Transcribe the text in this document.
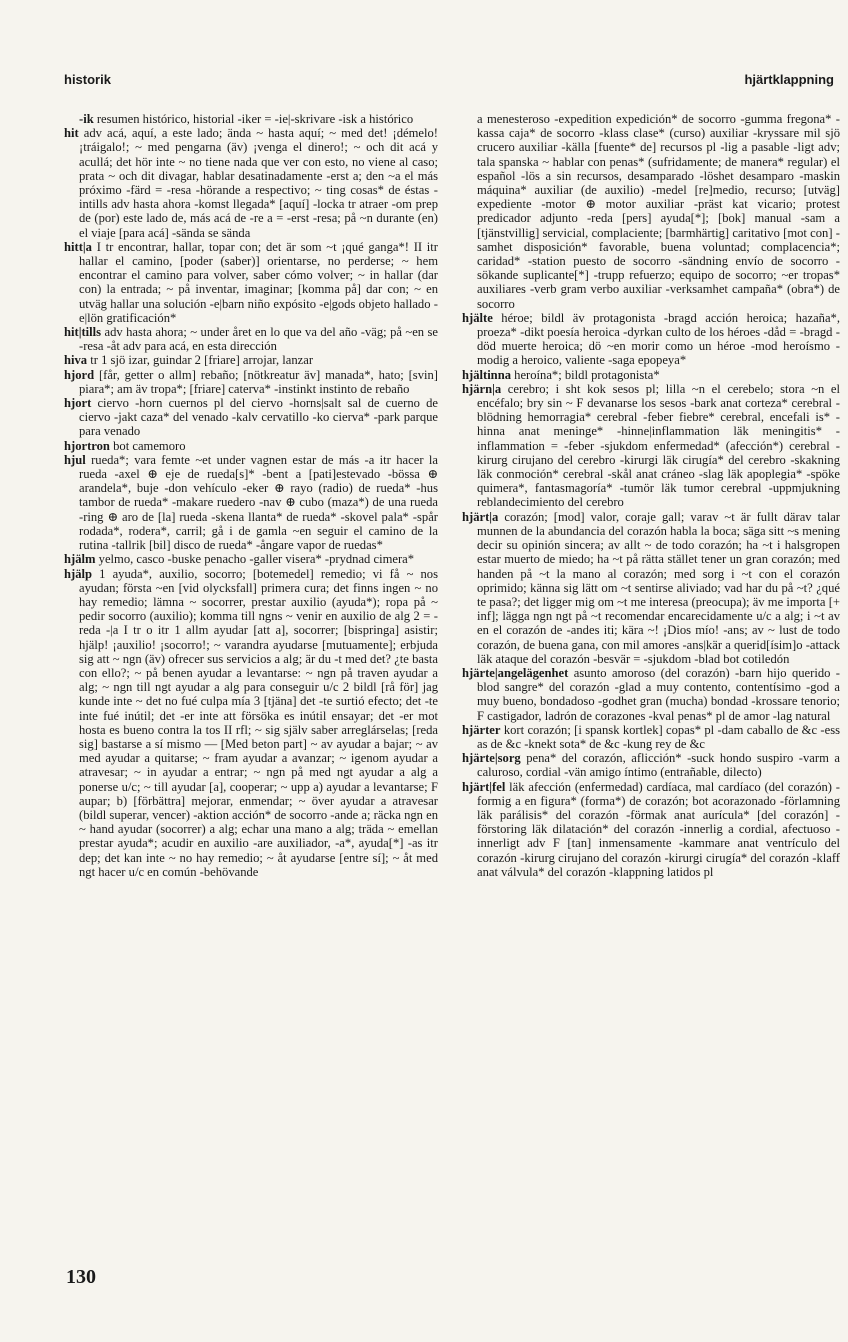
historik	hjärtklappning

-ik resumen histórico, historial -iker = -ie|-skrivare -isk a histórico

hit adv acá, aquí, a este lado; ända ~ hasta aquí; ~ med det! ¡démelo! ¡tráigalo!; ~ med pengarna (äv) ¡venga el dinero!; ~ och dit acá y acullá; det hör inte ~ no tiene nada que ver con esto, no viene al caso; prata ~ och dit divagar, hablar desatinadamente -erst a; den ~a el más próximo -färd = -resa -hörande a respectivo; ~ ting cosas* de éstas -intills adv hasta ahora -komst llegada* [aquí] -locka tr atraer -om prep de (por) este lado de, más acá de -re a = -erst -resa; på ~n durante (en) el viaje [para acá] -sända se sända

hitt|a I tr encontrar, hallar, topar con; det är som ~t ¡qué ganga*! II itr hallar el camino, [poder (saber)] orientarse, no perderse; ~ hem encontrar el camino para volver, saber cómo volver; ~ in hallar (dar con) la entrada; ~ på inventar, imaginar; [komma på] dar con; ~ en utväg hallar una solución -e|barn niño expósito -e|gods objeto hallado -e|lön gratificación*

hit|tills adv hasta ahora; ~ under året en lo que va del año -väg; på ~en se -resa -åt adv para acá, en esta dirección

hiva tr 1 sjö izar, guindar 2 [friare] arrojar, lanzar

hjord [får, getter o allm] rebaño; [nötkreatur äv] manada*, hato; [svin] piara*; am äv tropa*; [friare] caterva* -instinkt instinto de rebaño

hjort ciervo -horn cuernos pl del ciervo -horns|salt sal de cuerno de ciervo -jakt caza* del venado -kalv cervatillo -ko cierva* -park parque para venado

hjortron bot camemoro

hjul rueda*; vara femte ~et under vagnen estar de más -a itr hacer la rueda -axel ⊕ eje de rueda[s]* -bent a [pati]estevado -bössa ⊕ arandela*, buje -don vehículo -eker ⊕ rayo (radio) de rueda* -hus tambor de rueda* -makare ruedero -nav ⊕ cubo (maza*) de una rueda -ring ⊕ aro de [la] rueda -skena llanta* de rueda* -skovel pala* -spår rodada*, rodera*, carril; gå i de gamla ~en seguir el camino de la rutina -tallrik [bil] disco de rueda* -ångare vapor de ruedas*

hjälm yelmo, casco -buske penacho -galler visera* -prydnad cimera*

hjälp 1 ayuda*, auxilio, socorro; [botemedel] remedio; vi få ~ nos ayudan; första ~en [vid olycksfall] primera cura; det finns ingen ~ no hay remedio; lämna ~ socorrer, prestar auxilio (ayuda*); ropa på ~ pedir socorro (auxilio); komma till ngns ~ venir en auxilio de alg 2 = -reda -|a I tr o itr 1 allm ayudar [att a], socorrer; [bispringa] asistir; hjälp! ¡auxilio! ¡socorro!; ~ varandra ayudarse [mutuamente]; erbjuda sig att ~ ngn (äv) ofrecer sus servicios a alg; är du -t med det? ¿te basta con ello?; ~ på benen ayudar a levantarse: ~ ngn på traven ayudar a alg; ~ ngn till ngt ayudar a alg para conseguir u/c 2 bildl [rå för] jag kunde inte ~ det no fué culpa mía 3 [tjäna] det -te surtió efecto; det -te inte fué inútil; det -er inte att försöka es inútil ensayar; det -er mot hosta es bueno contra la tos II rfl; ~ sig själv saber arreglárselas; [reda sig] bastarse a sí mismo — [Med beton part] ~ av ayudar a bajar; ~ av med ayudar a quitarse; ~ fram ayudar a avanzar; ~ igenom ayudar a atravesar; ~ in ayudar a entrar; ~ ngn på med ngt ayudar a alg a ponerse u/c; ~ till ayudar [a], cooperar; ~ upp a) ayudar a levantarse; F aupar; b) [förbättra] mejorar, enmendar; ~ över ayudar a atravesar (bildl superar, vencer) -aktion acción* de socorro -ande a; räcka ngn en ~ hand ayudar (socorrer) a alg; echar una mano a alg; träda ~ emellan prestar ayuda*; acudir en auxilio -are auxiliador, -a*, ayuda[*] -as itr dep; det kan inte ~ no hay remedio; ~ åt ayudarse [entre sí]; ~ åt med ngt hacer u/c en común -behövande

a menesteroso -expedition expedición* de socorro -gumma fregona* -kassa caja* de socorro -klass clase* (curso) auxiliar -kryssare mil sjö crucero auxiliar -källa [fuente* de] recursos pl -lig a pasable -ligt adv; tala spanska ~ hablar con penas* (sufridamente; de manera* regular) el español -lös a sin recursos, desamparado -löshet desamparo -maskin máquina* auxiliar (de auxilio) -medel [re]medio, recurso; [utväg] expediente -motor ⊕ motor auxiliar -präst kat vicario; protest predicador adjunto -reda [pers] ayuda[*]; [bok] manual -sam a [tjänstvillig] servicial, complaciente; [barmhärtig] caritativo [mot con] -samhet disposición* favorable, buena voluntad; complacencia*; caridad* -station puesto de socorro -sändning envío de socorro -sökande suplicante[*] -trupp refuerzo; equipo de socorro; ~er tropas* auxiliares -verb gram verbo auxiliar -verksamhet campaña* (obra*) de socorro

hjälte héroe; bildl äv protagonista -bragd acción heroica; hazaña*, proeza* -dikt poesía heroica -dyrkan culto de los héroes -dåd = -bragd -död muerte heroica; dö ~en morir como un héroe -mod heroísmo -modig a heroico, valiente -saga epopeya*

hjältinna heroína*; bildl protagonista*

hjärn|a cerebro; i sht kok sesos pl; lilla ~n el cerebelo; stora ~n el encéfalo; bry sin ~ F devanarse los sesos -bark anat corteza* cerebral -blödning hemorragia* cerebral -feber fiebre* cerebral, encefali is* -hinna anat meninge* -hinne|inflammation läk meningitis* -inflammation = -feber -sjukdom enfermedad* (afección*) cerebral -kirurg cirujano del cerebro -kirurgi läk cirugía* del cerebro -skakning läk conmoción* cerebral -skål anat cráneo -slag läk apoplegia* -spöke quimera*, fantasmagoría* -tumör läk tumor cerebral -uppmjukning reblandecimiento del cerebro

hjärt|a corazón; [mod] valor, coraje gall; varav ~t är fullt därav talar munnen de la abundancia del corazón habla la boca; säga sitt ~s mening decir su opinión sincera; av allt ~ de todo corazón; ha ~t i halsgropen estar muerto de miedo; ha ~t på rätta stället tener un gran corazón; med handen på ~t la mano al corazón; med sorg i ~t con el corazón oprimido; känna sig lätt om ~t sentirse aliviado; vad har du på ~t? ¿qué te pasa?; det ligger mig om ~t me interesa (preocupa); äv me importa [+ inf]; lägga ngn ngt på ~t recomendar encarecidamente u/c a alg; i ~t av en el corazón de -andes iti; kära ~! ¡Dios mío! -ans; av ~ lust de todo corazón, de buena gana, con mil amores -ans|kär a querid[ísim]o -attack läk ataque del corazón -besvär = -sjukdom -blad bot cotiledón

hjärte|angelägenhet asunto amoroso (del corazón) -barn hijo querido -blod sangre* del corazón -glad a muy contento, contentísimo -god a muy bueno, bondadoso -godhet gran (mucha) bondad -krossare tenorio; F castigador, ladrón de corazones -kval penas* pl de amor -lag natural

hjärter kort corazón; [i spansk kortlek] copas* pl -dam caballo de &c -ess as de &c -knekt sota* de &c -kung rey de &c

hjärte|sorg pena* del corazón, aflicción* -suck hondo suspiro -varm a caluroso, cordial -vän amigo íntimo (entrañable, dilecto)

hjärt|fel läk afección (enfermedad) cardíaca, mal cardíaco (del corazón) -formig a en figura* (forma*) de corazón; bot acorazonado -förlamning läk parálisis* del corazón -förmak anat aurícula* [del corazón] -förstoring läk dilatación* del corazón -innerlig a cordial, afectuoso -innerligt adv F [tan] inmensamente -kammare anat ventrículo del corazón -kirurg cirujano del corazón -kirurgi cirugía* del corazón -klaff anat válvula* del corazón -klappning latidos pl

130
